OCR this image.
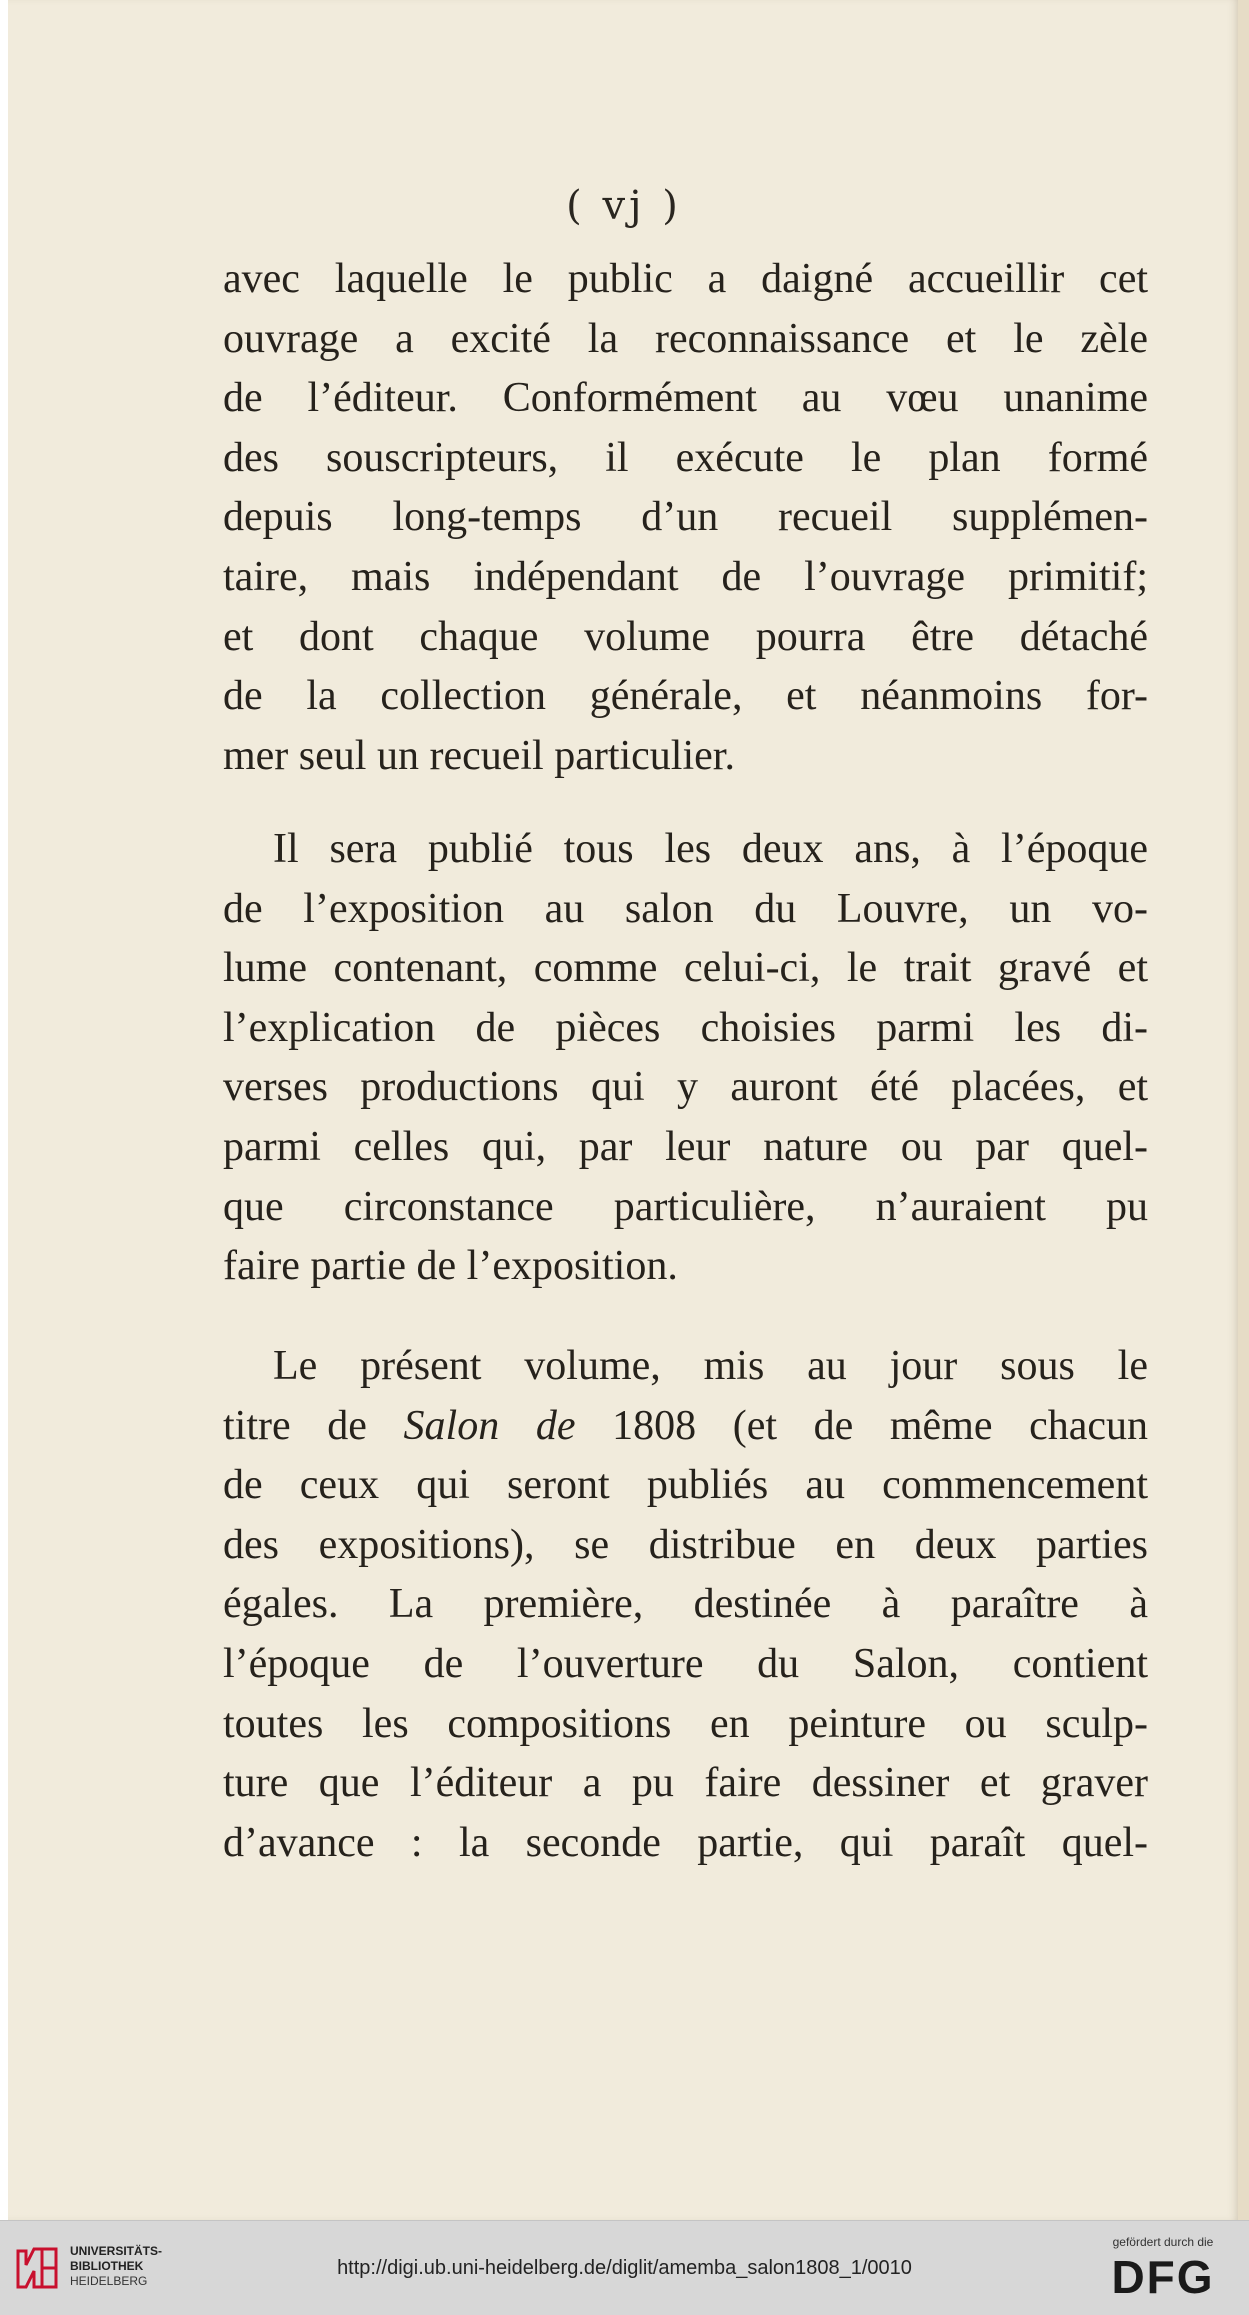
( vj )
avec laquelle le public a daigné accueillir cet
ouvrage a excité la reconnaissance et le zèle
de l’éditeur. Conformément au vœu unanime
des souscripteurs, il exécute le plan formé
depuis long-temps d’un recueil supplémen-
taire, mais indépendant de l’ouvrage primitif;
et dont chaque volume pourra être détaché
de la collection générale, et néanmoins for-
mer seul un recueil particulier.
Il sera publié tous les deux ans, à l’époque
de l’exposition au salon du Louvre, un vo-
lume contenant, comme celui-ci, le trait gravé et
l’explication de pièces choisies parmi les di-
verses productions qui y auront été placées, et
parmi celles qui, par leur nature ou par quel-
que circonstance particulière, n’auraient pu
faire partie de l’exposition.
Le présent volume, mis au jour sous le
titre de Salon de 1808 (et de même chacun
de ceux qui seront publiés au commencement
des expositions), se distribue en deux parties
égales. La première, destinée à paraître à
l’époque de l’ouverture du Salon, contient
toutes les compositions en peinture ou sculp-
ture que l’éditeur a pu faire dessiner et graver
d’avance : la seconde partie, qui paraît quel-
UNIVERSITÄTS-
BIBLIOTHEK
HEIDELBERG
http://digi.ub.uni-heidelberg.de/diglit/amemba_salon1808_1/0010
gefördert durch die
DFG
